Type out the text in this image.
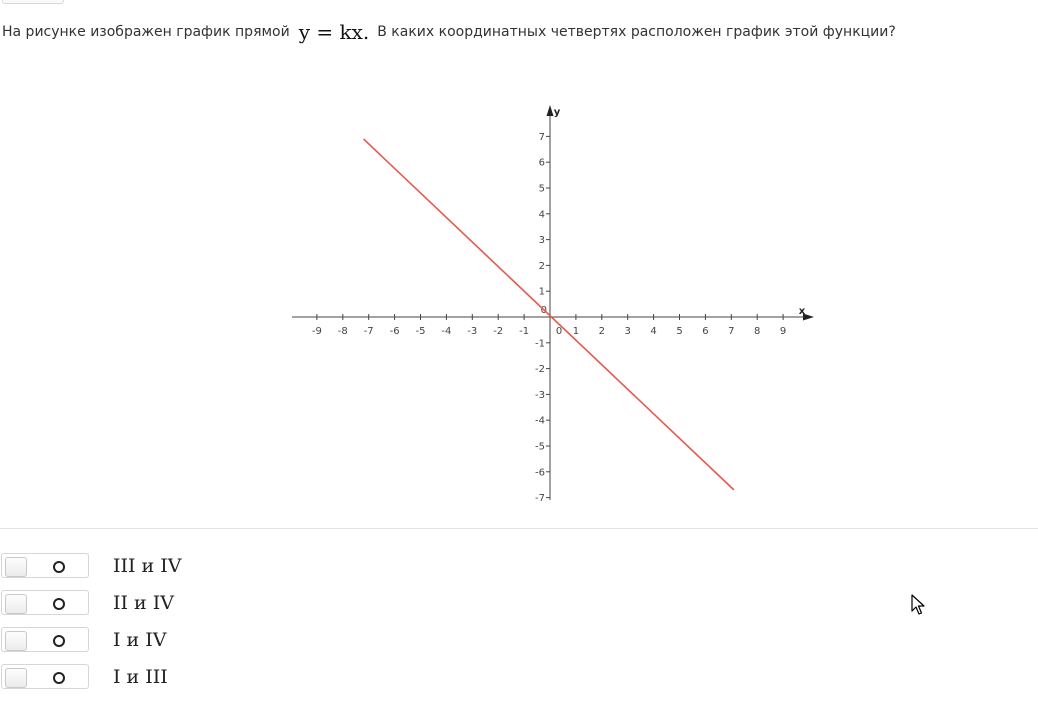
На рисунке изображен график прямой y = kx. В каких координатных четвертях расположен график этой функции?
x
y
-9 -8 -7 -6 -5 -4 -3 -2 -1	0 1 2 3 4 5 6 7 8 9
-7
-6
-5
-4
-3
-2
-1
0
1
2
3
4
5
6
7
III и IV
II и IV
I и IV
I и III
